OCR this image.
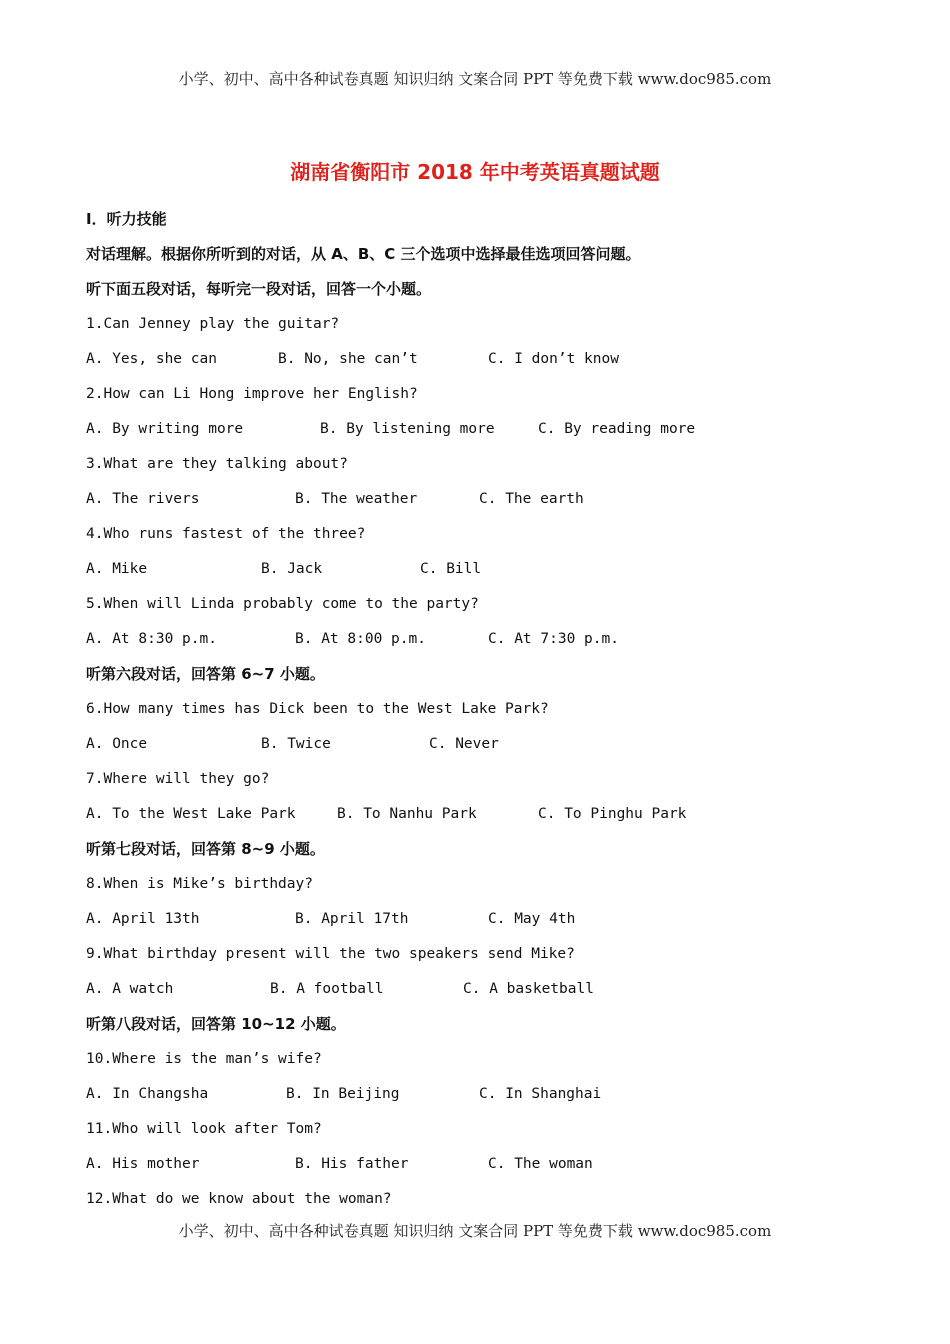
小学、初中、高中各种试卷真题 知识归纳 文案合同 PPT 等免费下载 www.doc985.com
湖南省衡阳市 2018 年中考英语真题试题
Ⅰ．听力技能
对话理解。根据你所听到的对话，从 A、B、C 三个选项中选择最佳选项回答问题。
听下面五段对话，每听完一段对话，回答一个小题。
1.Can Jenney play the guitar?
A. Yes, she can	B. No, she can’t	C. I don’t know
2.How can Li Hong improve her English?
A. By writing more	B. By listening more	C. By reading more
3.What are they talking about?
A. The rivers	B. The weather	C. The earth
4.Who runs fastest of the three?
A. Mike	B. Jack	C. Bill
5.When will Linda probably come to the party?
A. At 8:30 p.m.	B. At 8:00 p.m.	C. At 7:30 p.m.
听第六段对话，回答第 6~7 小题。
6.How many times has Dick been to the West Lake Park?
A. Once	B. Twice	C. Never
7.Where will they go?
A. To the West Lake Park	B. To Nanhu Park	C. To Pinghu Park
听第七段对话，回答第 8~9 小题。
8.When is Mike’s birthday?
A. April 13th	B. April 17th	C. May 4th
9.What birthday present will the two speakers send Mike?
A. A watch	B. A football	C. A basketball
听第八段对话，回答第 10~12 小题。
10.Where is the man’s wife?
A. In Changsha	B. In Beijing	C. In Shanghai
11.Who will look after Tom?
A. His mother	B. His father	C. The woman
12.What do we know about the woman?
小学、初中、高中各种试卷真题 知识归纳 文案合同 PPT 等免费下载 www.doc985.com
